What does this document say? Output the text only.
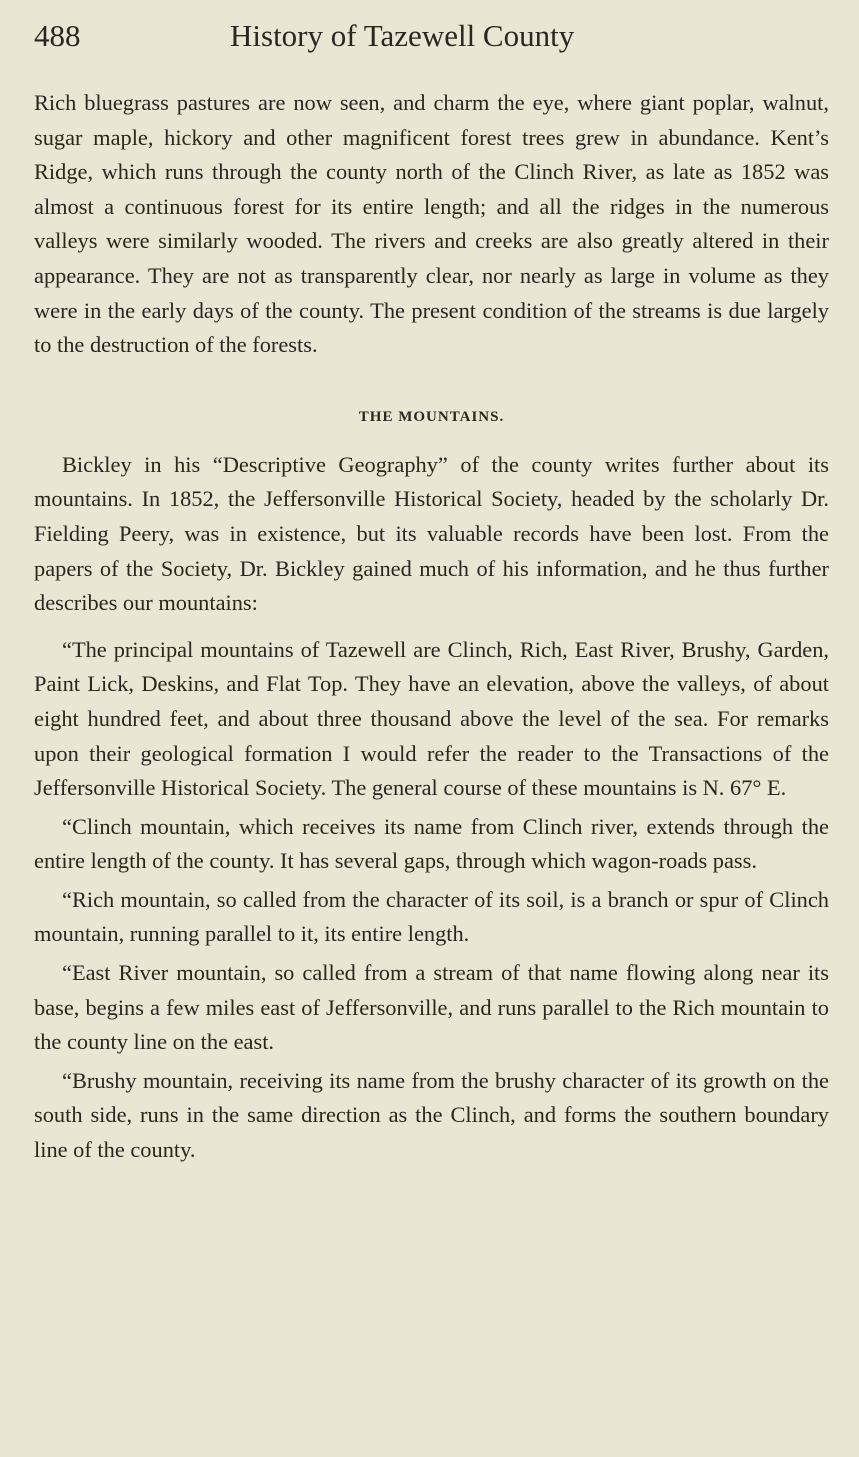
488	History of Tazewell County

Rich bluegrass pastures are now seen, and charm the eye, where giant poplar, walnut, sugar maple, hickory and other magnificent forest trees grew in abundance. Kent’s Ridge, which runs through the county north of the Clinch River, as late as 1852 was almost a continuous forest for its entire length; and all the ridges in the numerous valleys were similarly wooded. The rivers and creeks are also greatly altered in their appearance. They are not as transparently clear, nor nearly as large in volume as they were in the early days of the county. The present condition of the streams is due largely to the destruction of the forests.

THE MOUNTAINS.

Bickley in his “Descriptive Geography” of the county writes further about its mountains. In 1852, the Jeffersonville Historical Society, headed by the scholarly Dr. Fielding Peery, was in existence, but its valuable records have been lost. From the papers of the Society, Dr. Bickley gained much of his information, and he thus further describes our mountains:

“The principal mountains of Tazewell are Clinch, Rich, East River, Brushy, Garden, Paint Lick, Deskins, and Flat Top. They have an elevation, above the valleys, of about eight hundred feet, and about three thousand above the level of the sea. For remarks upon their geological formation I would refer the reader to the Transactions of the Jeffersonville Historical Society. The general course of these mountains is N. 67° E.

“Clinch mountain, which receives its name from Clinch river, extends through the entire length of the county. It has several gaps, through which wagon-roads pass.

“Rich mountain, so called from the character of its soil, is a branch or spur of Clinch mountain, running parallel to it, its entire length.

“East River mountain, so called from a stream of that name flowing along near its base, begins a few miles east of Jeffersonville, and runs parallel to the Rich mountain to the county line on the east.

“Brushy mountain, receiving its name from the brushy character of its growth on the south side, runs in the same direction as the Clinch, and forms the southern boundary line of the county.
